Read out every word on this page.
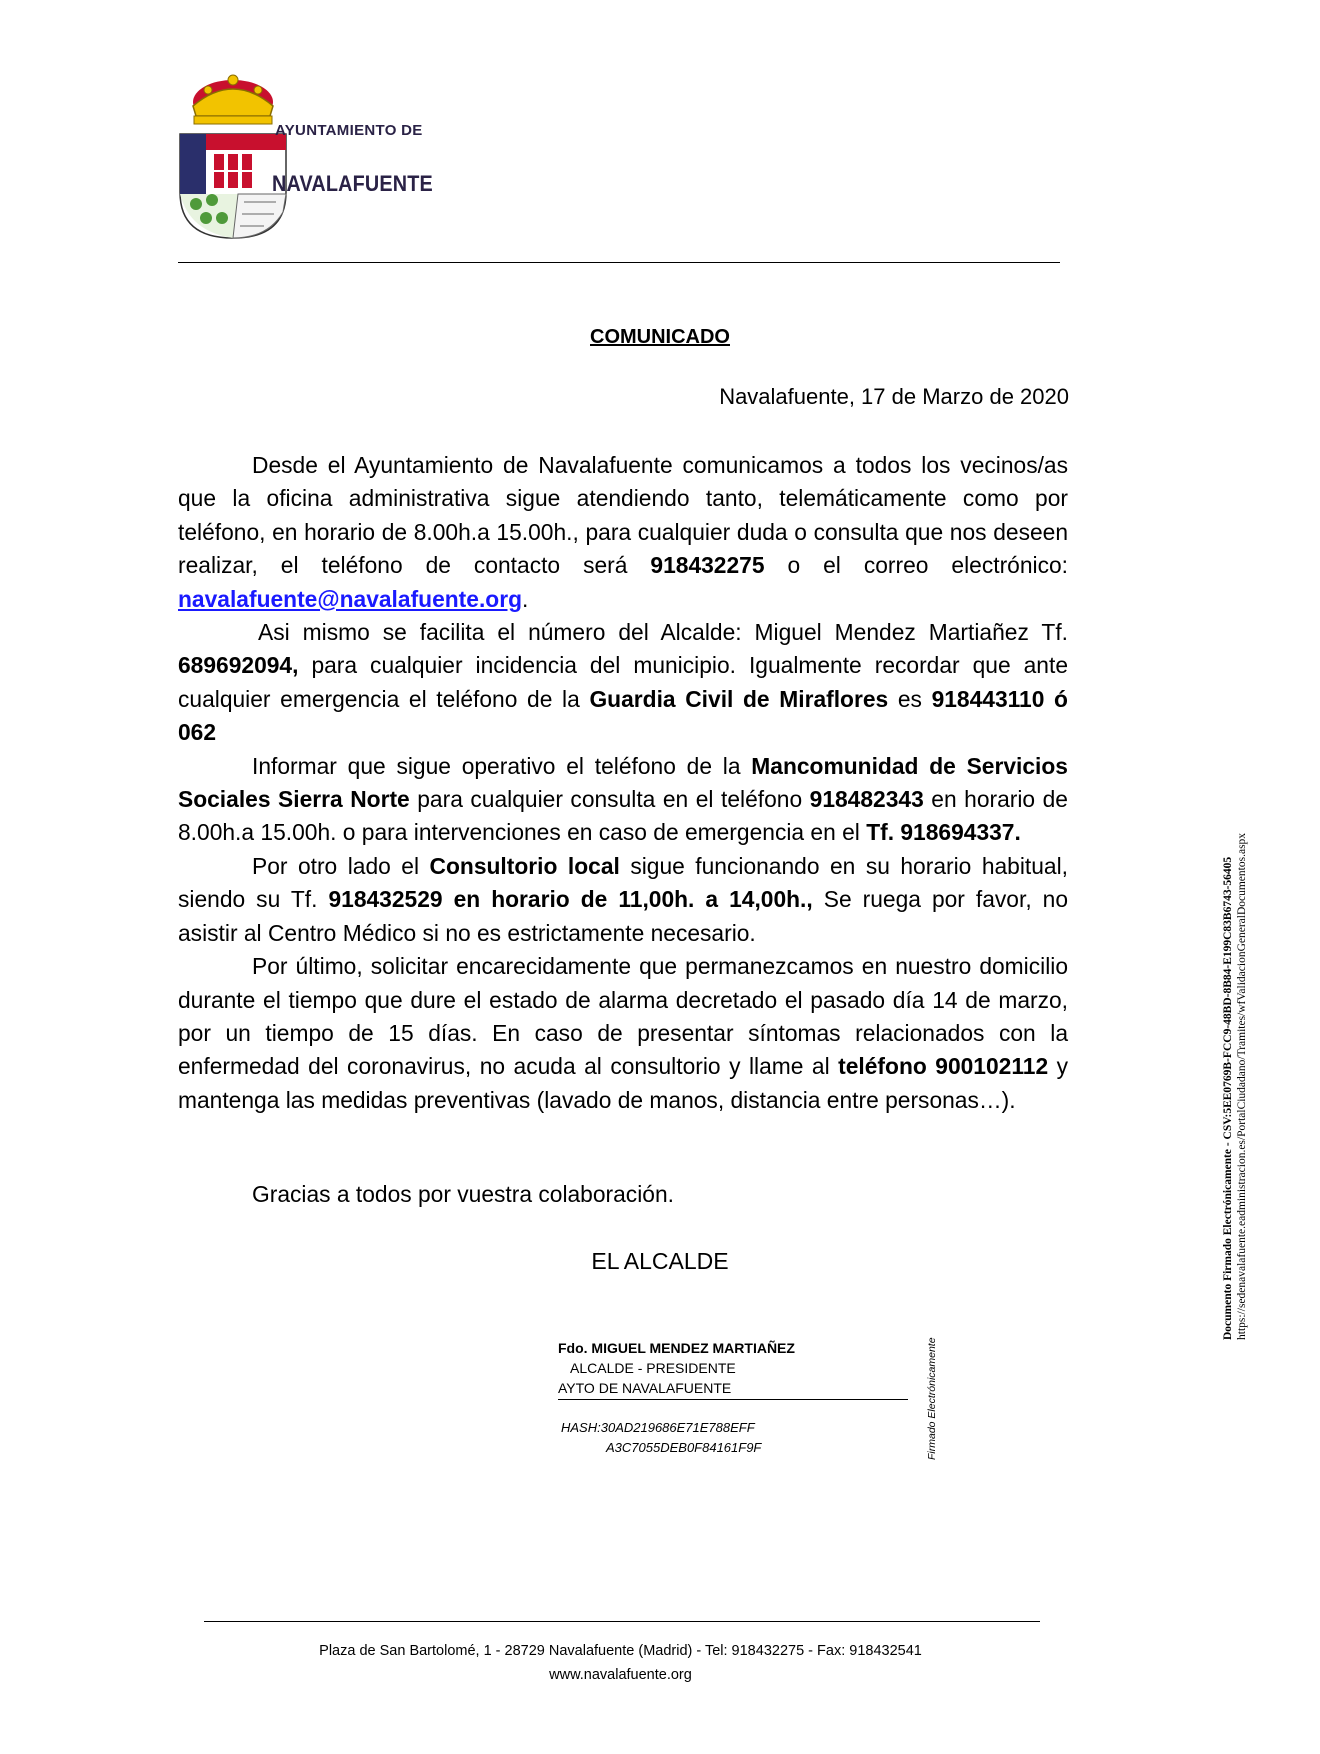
AYUNTAMIENTO DE
NAVALAFUENTE
COMUNICADO
Navalafuente, 17 de Marzo de 2020

Desde el Ayuntamiento de Navalafuente comunicamos a todos los vecinos/as que la oficina administrativa sigue atendiendo tanto, telemáticamente como por teléfono, en horario de 8.00h.a 15.00h., para cualquier duda o consulta que nos deseen realizar, el teléfono de contacto será 918432275 o el correo electrónico: navalafuente@navalafuente.org.

Asi mismo se facilita el número del Alcalde: Miguel Mendez Martiañez Tf. 689692094, para cualquier incidencia del municipio. Igualmente recordar que ante cualquier emergencia el teléfono de la Guardia Civil de Miraflores es 918443110 ó 062

Informar que sigue operativo el teléfono de la Mancomunidad de Servicios Sociales Sierra Norte para cualquier consulta en el teléfono 918482343 en horario de 8.00h.a 15.00h. o para intervenciones en caso de emergencia en el Tf. 918694337.

Por otro lado el Consultorio local sigue funcionando en su horario habitual, siendo su Tf. 918432529 en horario de 11,00h. a 14,00h., Se ruega por favor, no asistir al Centro Médico si no es estrictamente necesario.

Por último, solicitar encarecidamente que permanezcamos en nuestro domicilio durante el tiempo que dure el estado de alarma decretado el pasado día 14 de marzo, por un tiempo de 15 días. En caso de presentar síntomas relacionados con la enfermedad del coronavirus, no acuda al consultorio y llame al teléfono 900102112 y mantenga las medidas preventivas (lavado de manos, distancia entre personas…).

Gracias a todos por vuestra colaboración.
EL ALCALDE
Fdo. MIGUEL MENDEZ MARTIAÑEZ
ALCALDE - PRESIDENTE
AYTO DE NAVALAFUENTE
HASH:30AD219686E71E788EFF
A3C7055DEB0F84161F9F	Firmado Electrónicamente
Documento Firmado Electrónicamente - CSV:5EE0769B-FCC9-48BD-8B84-E199C83B6743-56405 https://sedenavalafuente.eadministracion.es/PortalCiudadano/Tramites/wfValidacionGeneralDocumentos.aspx
Plaza de San Bartolomé, 1 - 28729 Navalafuente (Madrid) - Tel: 918432275 - Fax: 918432541
www.navalafuente.org
